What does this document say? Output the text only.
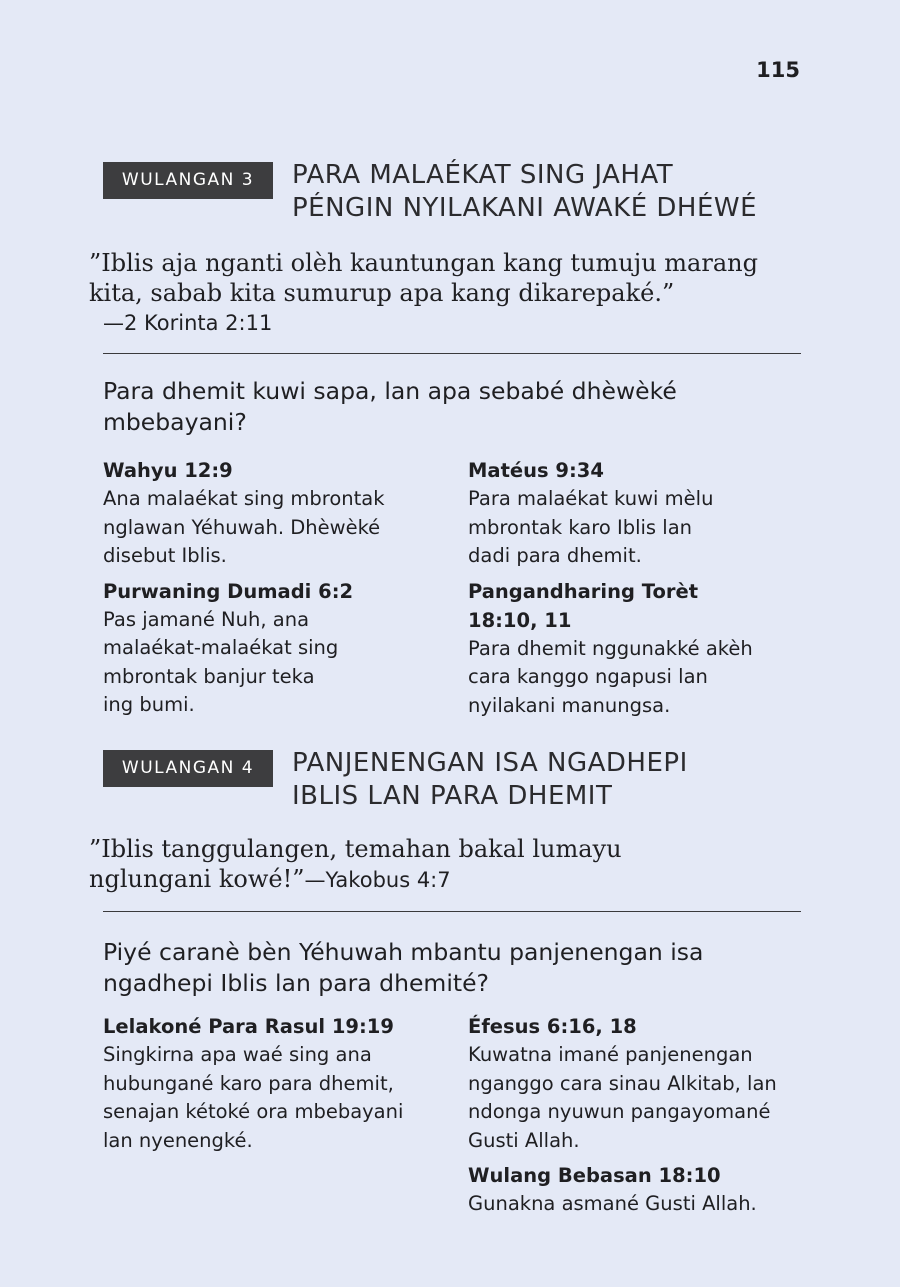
115
WULANGAN 3	PARA MALAÉKAT SING JAHAT
PÉNGIN NYILAKANI AWAKÉ DHÉWÉ
”Iblis aja nganti olèh kauntungan kang tumuju marang
kita, sabab kita sumurup apa kang dikarepaké.”
—2 Korinta 2:11
Para dhemit kuwi sapa, lan apa sebabé dhèwèké
mbebayani?
Wahyu 12:9
Ana malaékat sing mbrontak
nglawan Yéhuwah. Dhèwèké
disebut Iblis.
Purwaning Dumadi 6:2
Pas jamané Nuh, ana
malaékat-malaékat sing
mbrontak banjur teka
ing bumi.
Matéus 9:34
Para malaékat kuwi mèlu
mbrontak karo Iblis lan
dadi para dhemit.
Pangandharing Torèt
18:10, 11
Para dhemit nggunakké akèh
cara kanggo ngapusi lan
nyilakani manungsa.
WULANGAN 4	PANJENENGAN ISA NGADHEPI
IBLIS LAN PARA DHEMIT
”Iblis tanggulangen, temahan bakal lumayu
nglungani kowé!”—Yakobus 4:7
Piyé caranè bèn Yéhuwah mbantu panjenengan isa
ngadhepi Iblis lan para dhemité?
Lelakoné Para Rasul 19:19
Singkirna apa waé sing ana
hubungané karo para dhemit,
senajan kétoké ora mbebayani
lan nyenengké.
Éfesus 6:16, 18
Kuwatna imané panjenengan
nganggo cara sinau Alkitab, lan
ndonga nyuwun pangayomané
Gusti Allah.
Wulang Bebasan 18:10
Gunakna asmané Gusti Allah.
